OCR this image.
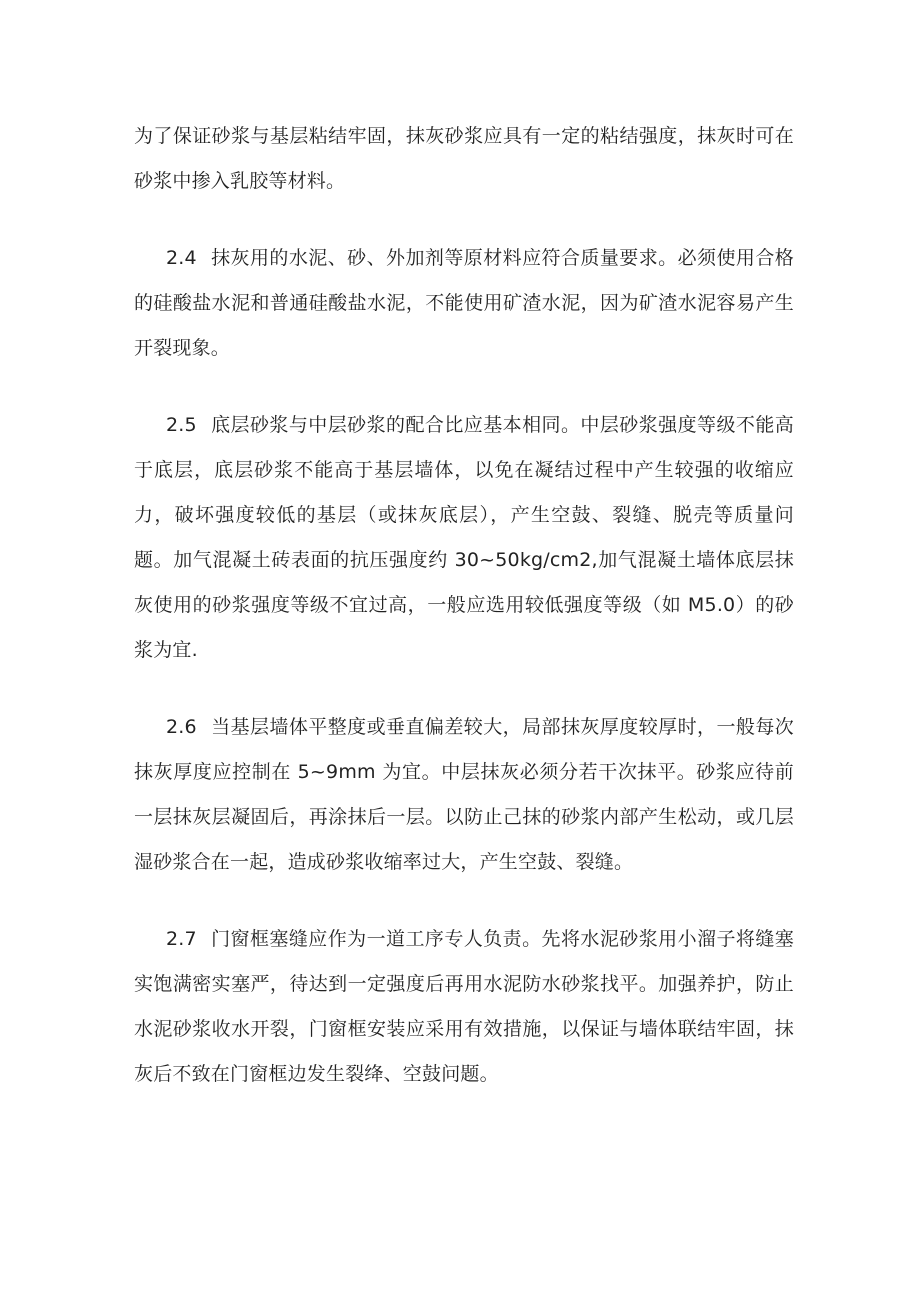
为了保证砂浆与基层粘结牢固，抹灰砂浆应具有一定的粘结强度，抹灰时可在砂浆中掺入乳胶等材料。

2.4 抹灰用的水泥、砂、外加剂等原材料应符合质量要求。必须使用合格的硅酸盐水泥和普通硅酸盐水泥，不能使用矿渣水泥，因为矿渣水泥容易产生开裂现象。

2.5 底层砂浆与中层砂浆的配合比应基本相同。中层砂浆强度等级不能高于底层，底层砂浆不能高于基层墙体，以免在凝结过程中产生较强的收缩应力，破坏强度较低的基层（或抹灰底层），产生空鼓、裂缝、脱壳等质量问题。加气混凝土砖表面的抗压强度约 30~50kg/cm2,加气混凝土墙体底层抹灰使用的砂浆强度等级不宜过高，一般应选用较低强度等级（如 M5.0）的砂浆为宜.

2.6 当基层墙体平整度或垂直偏差较大，局部抹灰厚度较厚时，一般每次抹灰厚度应控制在 5~9mm 为宜。中层抹灰必须分若干次抹平。砂浆应待前一层抹灰层凝固后，再涂抹后一层。以防止己抹的砂浆内部产生松动，或几层湿砂浆合在一起，造成砂浆收缩率过大，产生空鼓、裂缝。

2.7 门窗框塞缝应作为一道工序专人负责。先将水泥砂浆用小溜子将缝塞实饱满密实塞严，待达到一定强度后再用水泥防水砂浆找平。加强养护，防止水泥砂浆收水开裂，门窗框安装应采用有效措施，以保证与墙体联结牢固，抹灰后不致在门窗框边发生裂绛、空鼓问题。
